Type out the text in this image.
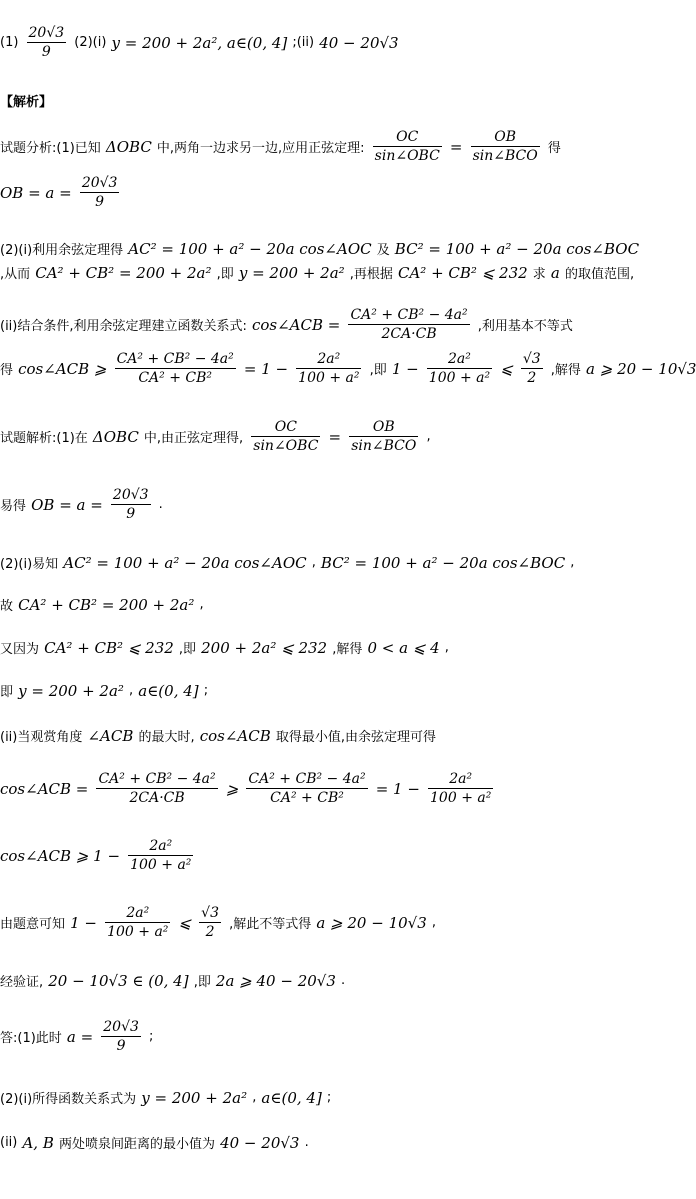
$(1) \frac{20√3}{9} (2)(i) y = 200 + 2a^2$, a∈(0, 4] ;(ii) 40 − 20√3
【解析】
试题分析:(1)已知 ΔOBC 中,两角一边求另一边,应用正弦定理: $\frac{OC}{\text{sin∠OBC}} = \frac{OB}{\text{sin∠BCO}}$ 得
OB = $a = \frac{20√3}{9}$
(2)(i)利用余弦定理得 AC² = 100 + a² − 20a cos∠AOC 及 BC² = 100 + a² − 20a cos∠BOC
,从而 CA² + CB² = 200 + 2a² ,即 y = 200 + 2a² ,再根据 CA² + CB² ⩽ 232 求 a 的取值范围,
(ii)结合条件,利用余弦定理建立函数关系式: cos∠ACB = $\frac{\text{CA² + CB² − 4a²}}{2CA\cdot CB}$ ,利用基本不等式
得 cos∠ACB ⩾ $\frac{\text{CA² + CB² − 4a²}}{\text{CA² + CB²}} = 1 - \frac{\text{2a²}}{\text{100 + a²}}$ ,即 $1 - \frac{\text{2a²}}{\text{100 + a²}}$ ⩽ $\frac{√3}{2}$ ,解得 a ⩾ 20 − 10√3
试题解析:(1)在 ΔOBC 中,由正弦定理得, $\frac{OC}{\text{sin∠OBC}} = \frac{OB}{\text{sin∠BCO}}$ ,
易得 OB = $a = \frac{20√3}{9}$ .
(2)(i)易知 AC² = 100 + a² − 20a cos∠AOC , BC² = 100 + a² − 20a cos∠BOC ,
故 CA² + CB² = 200 + 2a² ,
又因为 CA² + CB² ⩽ 232 ,即 200 + 2a² ⩽ 232 ,解得 0 < a ⩽ 4 ,
即 y = 200 + 2a² , a∈(0, 4] ;
(ii)当观赏角度 ∠ACB 的最大时, cos∠ACB 取得最小值,由余弦定理可得
cos∠ACB = $\frac{\text{CA² + CB² − 4a²}}{2CA\cdot CB}$ ⩾ $\frac{\text{CA² + CB² − 4a²}}{\text{CA² + CB²}} = 1 - \frac{\text{2a²}}{\text{100 + a²}}$
cos∠ACB ⩾ $1 - \frac{\text{2a²}}{\text{100 + a²}}$
由题意可知 $1 - \frac{\text{2a²}}{\text{100 + a²}}$ ⩽ $\frac{√3}{2}$ ,解此不等式得 a ⩾ 20 − 10√3 ,
经验证, 20 − 10√3 ∈ (0, 4] ,即 2a ⩾ 40 − 20√3 .
答:(1)此时 $a = \frac{20√3}{9}$ ;
(2)(i)所得函数关系式为 y = 200 + 2a² , a∈(0, 4] ;
(ii) A, B 两处喷泉间距离的最小值为 40 − 20√3 .
